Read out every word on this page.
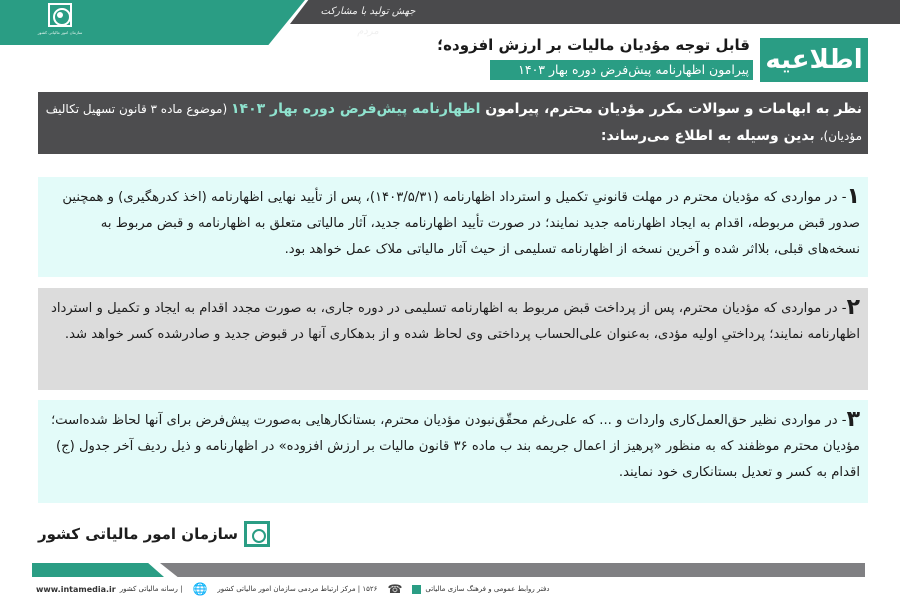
جهش تولید با مشارکت مردم
سازمان امور مالیاتی کشور
اطلاعیه
قابل توجه مؤدیان مالیات بر ارزش افزوده؛
پیرامون اظهارنامه پیش‌فرض دوره بهار ۱۴۰۳
نظر به ابهامات و سوالات مکرر مؤدیان محترم، پیرامون اظهارنامه پیش‌فرض دوره بهار ۱۴۰۳ (موضوع ماده ۳ قانون تسهیل تکالیف مؤدیان)، بدین وسیله به اطلاع می‌رساند:
۱- در مواردی که مؤدیان محترم در مهلت قانونیِ تکمیل و استرداد اظهارنامه (۱۴۰۳/۵/۳۱)، پس از تأیید نهایی اظهارنامه (اخذ کدرهگیری) و همچنین صدور قبض مربوطه، اقدام به ایجاد اظهارنامه جدید نمایند؛ در صورت تأیید اظهارنامه جدید، آثار مالیاتی متعلق به اظهارنامه و قبض مربوط به نسخه‌های قبلی، بلااثر شده و آخرین نسخه از اظهارنامه تسلیمی از حیث آثار مالیاتی ملاک عمل خواهد بود.
۲- در مواردی که مؤدیان محترم، پس از پرداخت قبض مربوط به اظهارنامه تسلیمی در دوره جاری، به صورت مجدد اقدام به ایجاد و تکمیل و استرداد اظهارنامه نمایند؛ پرداختیِ اولیه مؤدی، به‌عنوان علی‌الحساب پرداختی وی لحاظ شده و از بدهکاری آنها در قبوض جدید و صادرشده کسر خواهد شد.
۳- در مواردی نظیر حق‌العمل‌کاری واردات و ... که علی‌رغم محقّق‌نبودن مؤدیان محترم، بستانکارهایی به‌صورت پیش‌فرض برای آنها لحاظ شده‌است؛ مؤدیان محترم موظفند که به منظور «پرهیز از اعمال جریمه بند ب ماده ۳۶ قانون مالیات بر ارزش افزوده» در اظهارنامه و ذیل ردیف آخر جدول (ج) اقدام به کسر و تعدیل بستانکاری خود نمایند.
سازمان امور مالیاتی کشور
| رسانه مالیاتی کشور
www.intamedia.ir	🌐 ۱۵۲۶ | مرکز ارتباط مردمی سازمان امور مالیاتی کشور ☎	دفتر روابط عمومی و فرهنگ سازی مالیاتی
